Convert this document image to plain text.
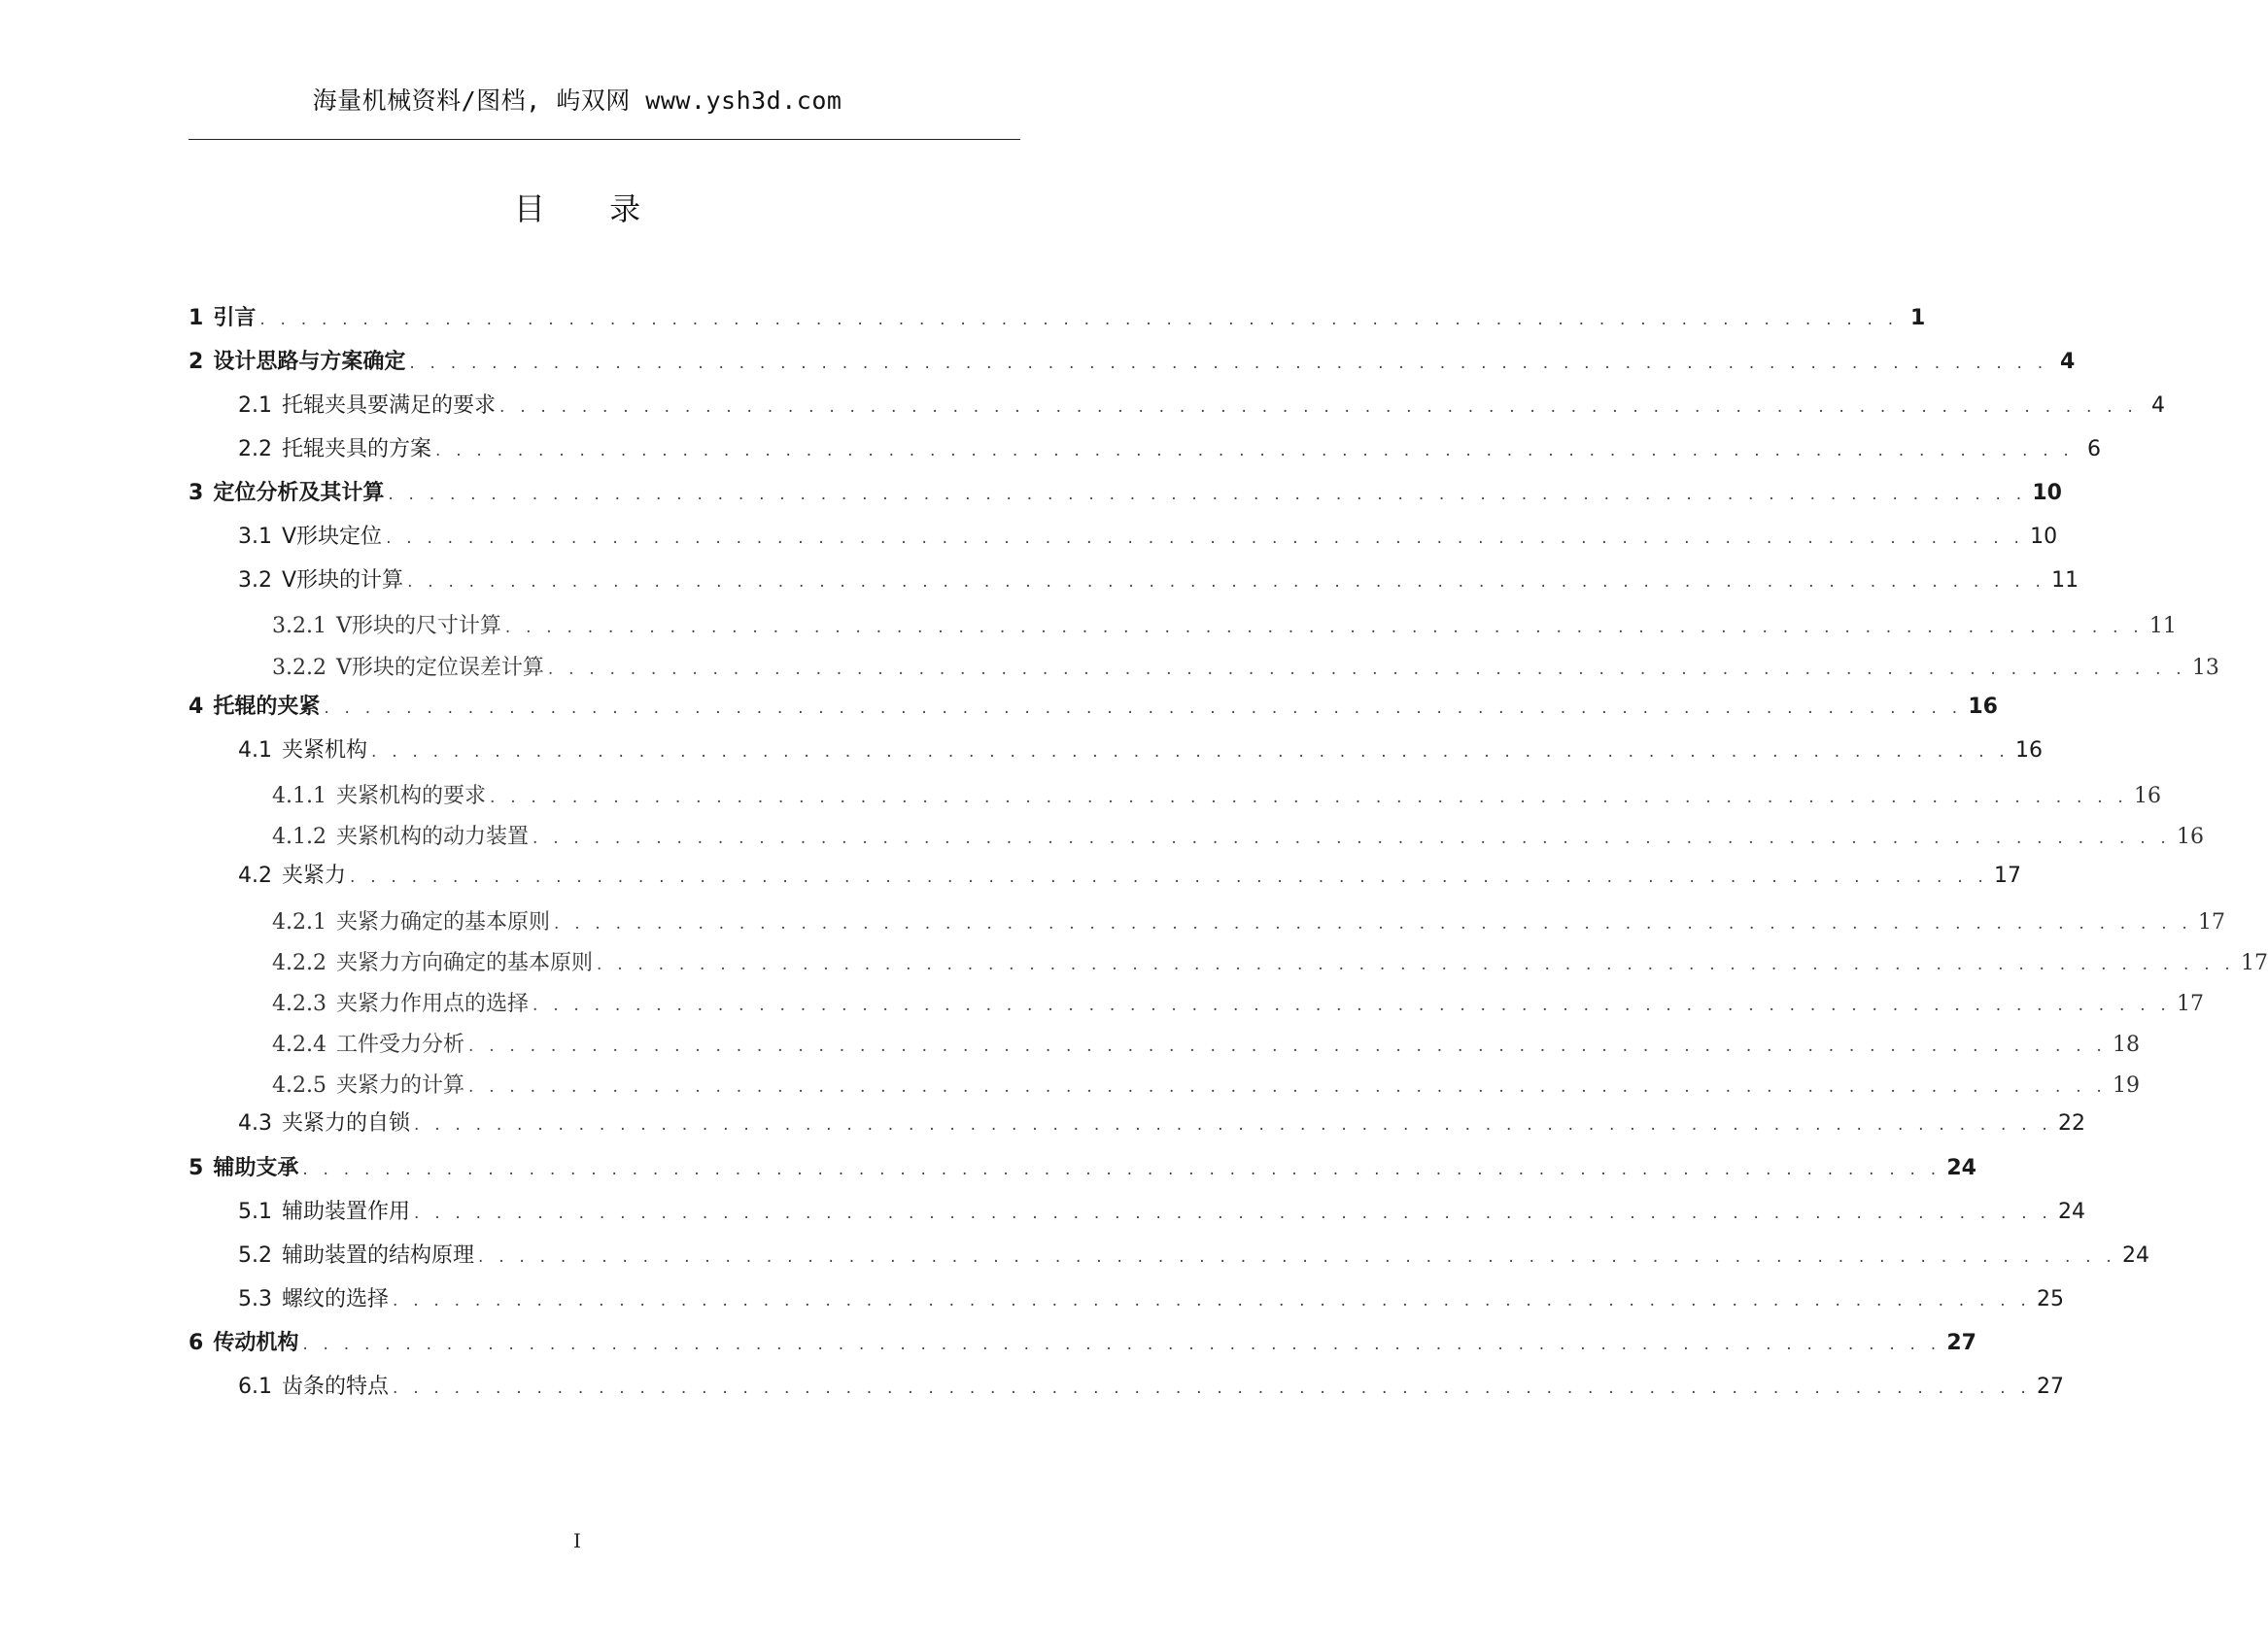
海量机械资料/图档, 屿双网 www.ysh3d.com
目 录
1 引言 . . . . . . . . . . . . . . . . . . . . . . . . . . . . . . . . . . . . . . . . . . . . . . . . . . . . . . . . . . . . . . . . . . . . . . . . . . . . . . . . 1
2 设计思路与方案确定 . . . . . . . . . . . . . . . . . . . . . . . . . . . . . . . . . . . . . . . . . . . . . . . . . . . . . . . . . . . . . . . . . . . . . . . . . . . . . . . . 4
2.1 托辊夹具要满足的要求 . . . . . . . . . . . . . . . . . . . . . . . . . . . . . . . . . . . . . . . . . . . . . . . . . . . . . . . . . . . . . . . . . . . . . . . . . . . . . . . . 4
2.2 托辊夹具的方案 . . . . . . . . . . . . . . . . . . . . . . . . . . . . . . . . . . . . . . . . . . . . . . . . . . . . . . . . . . . . . . . . . . . . . . . . . . . . . . . . 6
3 定位分析及其计算 . . . . . . . . . . . . . . . . . . . . . . . . . . . . . . . . . . . . . . . . . . . . . . . . . . . . . . . . . . . . . . . . . . . . . . . . . . . . . . . . 10
3.1 V形块定位 . . . . . . . . . . . . . . . . . . . . . . . . . . . . . . . . . . . . . . . . . . . . . . . . . . . . . . . . . . . . . . . . . . . . . . . . . . . . . . . . 10
3.2 V形块的计算 . . . . . . . . . . . . . . . . . . . . . . . . . . . . . . . . . . . . . . . . . . . . . . . . . . . . . . . . . . . . . . . . . . . . . . . . . . . . . . . . 11
3.2.1 V形块的尺寸计算 . . . . . . . . . . . . . . . . . . . . . . . . . . . . . . . . . . . . . . . . . . . . . . . . . . . . . . . . . . . . . . . . . . . . . . . . . . . . . . . . 11
3.2.2 V形块的定位误差计算 . . . . . . . . . . . . . . . . . . . . . . . . . . . . . . . . . . . . . . . . . . . . . . . . . . . . . . . . . . . . . . . . . . . . . . . . . . . . . . . . 13
4 托辊的夹紧 . . . . . . . . . . . . . . . . . . . . . . . . . . . . . . . . . . . . . . . . . . . . . . . . . . . . . . . . . . . . . . . . . . . . . . . . . . . . . . . . 16
4.1 夹紧机构 . . . . . . . . . . . . . . . . . . . . . . . . . . . . . . . . . . . . . . . . . . . . . . . . . . . . . . . . . . . . . . . . . . . . . . . . . . . . . . . . 16
4.1.1 夹紧机构的要求 . . . . . . . . . . . . . . . . . . . . . . . . . . . . . . . . . . . . . . . . . . . . . . . . . . . . . . . . . . . . . . . . . . . . . . . . . . . . . . . . 16
4.1.2 夹紧机构的动力装置 . . . . . . . . . . . . . . . . . . . . . . . . . . . . . . . . . . . . . . . . . . . . . . . . . . . . . . . . . . . . . . . . . . . . . . . . . . . . . . . . 16
4.2 夹紧力 . . . . . . . . . . . . . . . . . . . . . . . . . . . . . . . . . . . . . . . . . . . . . . . . . . . . . . . . . . . . . . . . . . . . . . . . . . . . . . . . 17
4.2.1 夹紧力确定的基本原则 . . . . . . . . . . . . . . . . . . . . . . . . . . . . . . . . . . . . . . . . . . . . . . . . . . . . . . . . . . . . . . . . . . . . . . . . . . . . . . . . 17
4.2.2 夹紧力方向确定的基本原则 . . . . . . . . . . . . . . . . . . . . . . . . . . . . . . . . . . . . . . . . . . . . . . . . . . . . . . . . . . . . . . . . . . . . . . . . . . . . . . . . 17
4.2.3 夹紧力作用点的选择 . . . . . . . . . . . . . . . . . . . . . . . . . . . . . . . . . . . . . . . . . . . . . . . . . . . . . . . . . . . . . . . . . . . . . . . . . . . . . . . . 17
4.2.4 工件受力分析 . . . . . . . . . . . . . . . . . . . . . . . . . . . . . . . . . . . . . . . . . . . . . . . . . . . . . . . . . . . . . . . . . . . . . . . . . . . . . . . . 18
4.2.5 夹紧力的计算 . . . . . . . . . . . . . . . . . . . . . . . . . . . . . . . . . . . . . . . . . . . . . . . . . . . . . . . . . . . . . . . . . . . . . . . . . . . . . . . . 19
4.3 夹紧力的自锁 . . . . . . . . . . . . . . . . . . . . . . . . . . . . . . . . . . . . . . . . . . . . . . . . . . . . . . . . . . . . . . . . . . . . . . . . . . . . . . . . 22
5 辅助支承 . . . . . . . . . . . . . . . . . . . . . . . . . . . . . . . . . . . . . . . . . . . . . . . . . . . . . . . . . . . . . . . . . . . . . . . . . . . . . . . . 24
5.1 辅助装置作用 . . . . . . . . . . . . . . . . . . . . . . . . . . . . . . . . . . . . . . . . . . . . . . . . . . . . . . . . . . . . . . . . . . . . . . . . . . . . . . . . 24
5.2 辅助装置的结构原理 . . . . . . . . . . . . . . . . . . . . . . . . . . . . . . . . . . . . . . . . . . . . . . . . . . . . . . . . . . . . . . . . . . . . . . . . . . . . . . . . 24
5.3 螺纹的选择 . . . . . . . . . . . . . . . . . . . . . . . . . . . . . . . . . . . . . . . . . . . . . . . . . . . . . . . . . . . . . . . . . . . . . . . . . . . . . . . . 25
6 传动机构 . . . . . . . . . . . . . . . . . . . . . . . . . . . . . . . . . . . . . . . . . . . . . . . . . . . . . . . . . . . . . . . . . . . . . . . . . . . . . . . . 27
6.1 齿条的特点 . . . . . . . . . . . . . . . . . . . . . . . . . . . . . . . . . . . . . . . . . . . . . . . . . . . . . . . . . . . . . . . . . . . . . . . . . . . . . . . . 27
I
